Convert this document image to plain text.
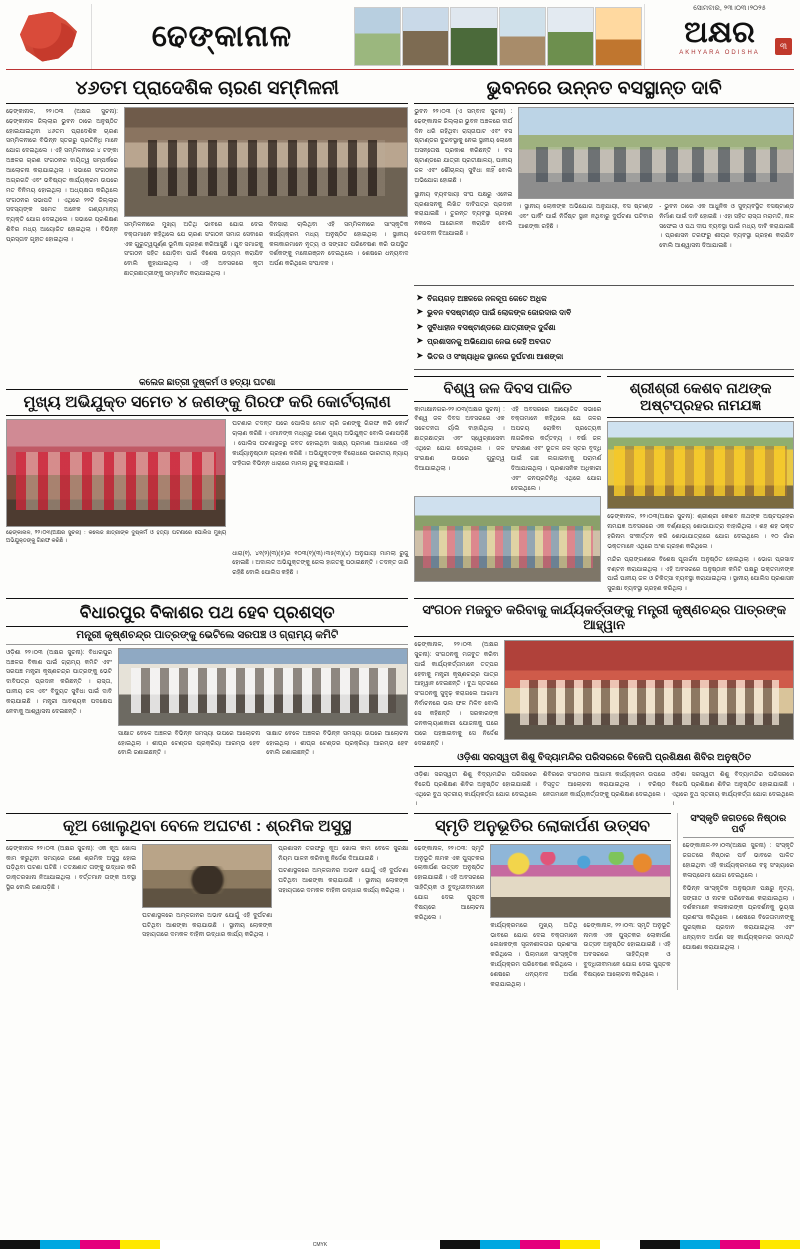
ଢେଙ୍କାନାଳ	ଅକ୍ଷର
AKHYARA ODISHA
ସୋମବାର, ୨୩।୦୩।୨୦୨୫
୩
୪୬ତମ ପ୍ରାଦେଶିକ ଚାରଣ ସମ୍ମିଳନୀ
ଢେଙ୍କାନାଳ, ୨୨।୦୩ (ଅକ୍ଷର ସୁଚନା): ଢେଙ୍କାନାଳ ଜିଲ୍ଲାର ଭୁବନ ଠାରେ ଅନୁଷ୍ଠିତ ହୋଇଯାଇଥିବା ୪୬ତମ ପ୍ରାଦେଶିକ ଚାରଣ ସମ୍ମିଳନୀରେ ବିଭିନ୍ନ ସ୍ତରରୁ ପ୍ରତିନିଧି ମାନେ ଯୋଗ ଦେଇଥିଲେ । ଏହି ସମ୍ମିଳନୀରେ ୪ ଟଙ୍କା ଅଞ୍ଚଳର ଚାରଣ ସଂଗଠନର ଦାୟିତ୍ୱ ସମ୍ପର୍କରେ ଆଲୋଚନା କରାଯାଇଥିଲା । ସଭାରେ ସଂଗଠନର ଅଗ୍ରଗତି ଏବଂ ଭବିଷ୍ୟତ କାର୍ଯ୍ୟକ୍ରମ ଉପରେ ମତ ବିନିମୟ ହୋଇଥିଲା । ଅଧ୍ୟକ୍ଷତା କରିଥିଲେ ସଂଗଠନର ସଭାପତି । ଏଥିରେ ୨୨ଟି ଜିଲ୍ଲାର ସଦସ୍ୟଙ୍କ ସମେତ ଅନେକ ଗଣ୍ୟମାନ୍ୟ ବ୍ୟକ୍ତି ଯୋଗ ଦେଇଥିଲେ । ସଭାରେ ପ୍ରଶିକ୍ଷଣ ଶିବିର ମଧ୍ୟ ଆୟୋଜିତ ହୋଇଥିଲା । ବିଭିନ୍ନ ପ୍ରସ୍ତାବ ଗୃହୀତ ହୋଇଥିଲା ।
ସମ୍ମିଳନୀରେ ମୁଖ୍ୟ ଅତିଥି ଭାବରେ ଯୋଗ ଦେଇ ବକ୍ତାମାନେ କହିଥିଲେ ଯେ ଚାରଣ ସଂଗଠନ ସମାଜ ସେବାରେ ଏକ ଗୁରୁତ୍ୱପୂର୍ଣ୍ଣ ଭୂମିକା ଗ୍ରହଣ କରିଆସୁଛି । ଯୁବ ସମାଜକୁ ସଂଗଠନ ସହିତ ଯୋଡ଼ିବା ପାଇଁ ବିଶେଷ ଉଦ୍ୟମ କରାଯିବ ବୋଲି କୁହାଯାଇଥିଲା । ଏହି ଅବସରରେ କୃତୀ ଛାତ୍ରଛାତ୍ରୀଙ୍କୁ ସମ୍ମାନିତ କରାଯାଇଥିଲା ।
ଦିନସାରା ଚାଲିଥିବା ଏହି ସମ୍ମିଳନୀରେ ସାଂସ୍କୃତିକ କାର୍ଯ୍ୟକ୍ରମ ମଧ୍ୟ ଅନୁଷ୍ଠିତ ହୋଇଥିଲା । ସ୍ଥାନୀୟ କଳାକାରମାନେ ନୃତ୍ୟ ଓ ସଙ୍ଗୀତ ପରିବେଷଣ କରି ଉପସ୍ଥିତ ଦର୍ଶକଙ୍କୁ ମନୋରଞ୍ଜନ ଦେଇଥିଲେ । ଶେଷରେ ଧନ୍ୟବାଦ ଅର୍ପଣ କରିଥିଲେ ସଂପାଦକ ।
ଭୁବନରେ ଉନ୍ନତ ବସସ୍ଥାନ୍ତ ଦାବି
ଭୁବନ ୨୨।୦୩ (ଏ ସମ୍ବାଦ ସୁଚନା) : ଢେଙ୍କାନାଳ ଜିଲ୍ଲାର ଭୁବନ ଅଞ୍ଚଳରେ ଦୀର୍ଘ ଦିନ ଧରି ରହିଥିବା ରାସ୍ତାଘାଟ ଏବଂ ବସ ଷ୍ଟାଣ୍ଡର ଦୁରବସ୍ଥାକୁ ନେଇ ସ୍ଥାନୀୟ ଲୋକେ ଅସନ୍ତୋଷ ପ୍ରକାଶ କରିଛନ୍ତି । ବସ ଷ୍ଟାଣ୍ଡରେ ଯାତ୍ରୀ ପ୍ରତୀକ୍ଷାଳୟ, ପାନୀୟ ଜଳ ଏବଂ ଶୌଚାଳୟ ସୁବିଧା ନାହିଁ ବୋଲି ଅଭିଯୋଗ ହୋଇଛି ।
ସ୍ଥାନୀୟ ବ୍ୟବସାୟୀ ସଂଘ ପକ୍ଷରୁ ଏନେଇ ପ୍ରଶାସନକୁ ଲିଖିତ ଦାବିପତ୍ର ପ୍ରଦାନ କରାଯାଇଛି । ତୁରନ୍ତ ବ୍ୟବସ୍ଥା ଗ୍ରହଣ ନକଲେ ଆନ୍ଦୋଳନ କରାଯିବ ବୋଲି ଚେତାବନୀ ଦିଆଯାଇଛି ।
। ସ୍ଥାନୀୟ ଲୋକଙ୍କ ଅଭିଯୋଗ ଅନୁଯାୟୀ, ବସ ଷ୍ଟାଣ୍ଡ ଏବଂ ପାର୍କିଂ ପାଇଁ ନିର୍ଦ୍ଦିଷ୍ଟ ସ୍ଥାନ ନଥିବାରୁ ଦୁର୍ଘଟଣା ଘଟିବାର ଆଶଙ୍କା ରହିଛି ।
- ଭୁବନ ଠାରେ ଏକ ଆଧୁନିକ ଓ ସୁବ୍ୟବସ୍ଥିତ ବସଷ୍ଟାଣ୍ଡ ନିର୍ମାଣ ପାଇଁ ଦାବି ହୋଇଛି । ଏହା ସହିତ ରାସ୍ତା ମରାମତି, ନାଳ ସଫେଇ ଓ ପଥ ଦୀପ ବ୍ୟବସ୍ଥା ପାଇଁ ମଧ୍ୟ ଦାବି କରାଯାଇଛି । ପ୍ରଶାସନ ତରଫରୁ ଶୀଘ୍ର ବ୍ୟବସ୍ଥା ଗ୍ରହଣ କରାଯିବ ବୋଲି ଆଶ୍ୱାସନା ଦିଆଯାଇଛି ।
➤ ବିଜୟଗଡ଼ ଅଞ୍ଚଳରେ ନଳକୂପ କେତେ ଅଧିକ
➤ ଭୁବନ ବସଷ୍ଟାଣ୍ଡ ପାଇଁ ଲୋକଙ୍କ ଜୋରଦାର ଦାବି
➤ ସୁବିଧାହୀନ ବସଷ୍ଟାଣ୍ଡରେ ଯାତ୍ରୀଙ୍କ ଦୁର୍ଦ୍ଦଶା
➤ ପ୍ରଶାସନକୁ ଅଭିଯୋଗ ନେଇ କେହି ଅବଗତ
➤ ଭିତର ଓ ସଂଖ୍ୟାଧିକ ସ୍ଥାନରେ ଦୁର୍ଘଟଣା ଆଶଙ୍କା
କଲେଜ ଛାତ୍ରୀ ଦୁଷ୍କର୍ମ ଓ ହତ୍ୟା ଘଟଣା
ମୁଖ୍ୟ ଅଭିଯୁକ୍ତ ସମେତ ୪ ଜଣଙ୍କୁ ଗିରଫ କରି କୋର୍ଟଚାଲାଣ
ଢେଙ୍କାନାଳ, ୨୨।୦୩(ଅକ୍ଷର ସୁଚନା) : କଲେଜ ଛାତ୍ରୀଙ୍କ ଦୁଷ୍କର୍ମ ଓ ହତ୍ୟା ଘଟଣାରେ ପୋଲିସ ମୁଖ୍ୟ ଅଭିଯୁକ୍ତଙ୍କୁ ଗିରଫ କରିଛି ।
ଘଟଣାର ତଦନ୍ତ ପରେ ପୋଲିସ ମୋଟ ଚାରି ଜଣଙ୍କୁ ଗିରଫ କରି କୋର୍ଟ ଚାଲାଣ କରିଛି । ଏମାନଙ୍କ ମଧ୍ୟରୁ ଜଣେ ମୁଖ୍ୟ ଅଭିଯୁକ୍ତ ବୋଲି ଜଣାପଡ଼ିଛି । ପୋଲିସ ଘଟଣାସ୍ଥଳରୁ ଜବତ ହୋଇଥିବା ସାକ୍ଷ୍ୟ ପ୍ରମାଣ ଆଧାରରେ ଏହି କାର୍ଯ୍ୟାନୁଷ୍ଠାନ ଗ୍ରହଣ କରିଛି । ଅଭିଯୁକ୍ତଙ୍କ ବିରୋଧରେ ଭାରତୀୟ ନ୍ୟାୟ ସଂହିତାର ବିଭିନ୍ନ ଧାରାରେ ମାମଲା ରୁଜୁ କରାଯାଇଛି ।
ଧାରା(୧), ୪୧(୨)(୩)(୫)ର ୧୦୩(୧)(୩)।୩୫(୩)(୪) ଅନୁଯାୟୀ ମାମଲା ରୁଜୁ ହୋଇଛି । ଅଦାଲତ ଅଭିଯୁକ୍ତଙ୍କୁ ଜେଲ ହାଜତକୁ ପଠାଇଛନ୍ତି । ତଦନ୍ତ ଜାରି ରହିଛି ବୋଲି ପୋଲିସ କହିଛି ।
ବିଶ୍ୱ ଜଳ ଦିବସ ପାଳିତ
କାମାକ୍ଷାନଗର-୨୨।୦୩(ଅକ୍ଷର ସୁଚନା) : ବିଶ୍ୱ ଜଳ ଦିବସ ଅବସରରେ ଏକ ସଚେତନତା ର୍ୟାଲି ବାହାରିଥିଲା । ଛାତ୍ରଛାତ୍ରୀ ଏବଂ ସ୍ୱେଚ୍ଛାସେବୀ ଏଥିରେ ଯୋଗ ଦେଇଥିଲେ । ଜଳ ସଂରକ୍ଷଣ ଉପରେ ଗୁରୁତ୍ୱ ଦିଆଯାଇଥିଲା ।
ଏହି ଅବସରରେ ଆୟୋଜିତ ସଭାରେ ବକ୍ତାମାନେ କହିଥିଲେ ଯେ ଜଳର ଅପଚୟ ରୋକିବା ପ୍ରତ୍ୟେକ ନାଗରିକର କର୍ତ୍ତବ୍ୟ । ବର୍ଷା ଜଳ ସଂରକ୍ଷଣ ଏବଂ ଭୂତଳ ଜଳ ସ୍ତର ବୃଦ୍ଧି ପାଇଁ ଗଛ ଲଗାଇବାକୁ ପରାମର୍ଶ ଦିଆଯାଇଥିଲା । ପ୍ରଶାସନିକ ଅଧିକାରୀ ଏବଂ ଜନପ୍ରତିନିଧି ଏଥିରେ ଯୋଗ ଦେଇଥିଲେ ।
ଶ୍ରୀଶ୍ରୀ କେଶବ ନାଥଙ୍କ ଅଷ୍ଟପ୍ରହର ନାମଯଜ୍ଞ
ଢେଙ୍କାନାଳ, ୨୨।୦୩(ଅକ୍ଷର ସୁଚନା): ଶ୍ରୀଶ୍ରୀ କେଶବ ନାଥଙ୍କ ଅଷ୍ଟପ୍ରହର ନାମଯଜ୍ଞ ଅବସରରେ ଏକ ବର୍ଣ୍ଣାଢ୍ୟ ଶୋଭାଯାତ୍ରା ବାହାରିଥିଲା । ଶହ ଶହ ଭକ୍ତ ହରିନାମ ସଂକୀର୍ତ୍ତନ କରି ଶୋଭାଯାତ୍ରାରେ ଯୋଗ ଦେଇଥିଲେ । ୧୦ ଗାଁର ଭକ୍ତମାନେ ଏଥିରେ ଅଂଶ ଗ୍ରହଣ କରିଥିଲେ ।
ମନ୍ଦିର ପ୍ରାଙ୍ଗଣରେ ବିଶେଷ ପୂଜାର୍ଚ୍ଚନା ଅନୁଷ୍ଠିତ ହୋଇଥିଲା । ଭୋଗ ପ୍ରସାଦ ବଣ୍ଟନ କରାଯାଇଥିଲା । ଏହି ଅବସରରେ ଅନୁଷ୍ଠାନ କମିଟି ପକ୍ଷରୁ ଭକ୍ତମାନଙ୍କ ପାଇଁ ପାନୀୟ ଜଳ ଓ ଚିକିତ୍ସା ବ୍ୟବସ୍ଥା କରାଯାଇଥିଲା । ସ୍ଥାନୀୟ ପୋଲିସ ପ୍ରଶାସନ ସୁରକ୍ଷା ବ୍ୟବସ୍ଥା ଗ୍ରହଣ କରିଥିଲା ।
ବିଧାରପୁର ବିକାଶର ପଥ ହେବ ପ୍ରଶସ୍ତ
ମନ୍ତ୍ରୀ କୃଷ୍ଣଚନ୍ଦ୍ର ପାତ୍ରଙ୍କୁ ଭେଟିଲେ ସରପଞ୍ଚ ଓ ଗ୍ରାମ୍ୟ କମିଟି
ଓଡ଼ିଶା ୨୨।୦୩ (ଅକ୍ଷର ସୁଚନା): ବିଧାରପୁର ଅଞ୍ଚଳର ବିକାଶ ପାଇଁ ଗ୍ରାମ୍ୟ କମିଟି ଏବଂ ସରପଞ୍ଚ ମନ୍ତ୍ରୀ କୃଷ୍ଣଚନ୍ଦ୍ର ପାତ୍ରଙ୍କୁ ଭେଟି ଦାବିପତ୍ର ପ୍ରଦାନ କରିଛନ୍ତି । ରାସ୍ତା, ପାନୀୟ ଜଳ ଏବଂ ବିଦ୍ୟୁତ ସୁବିଧା ପାଇଁ ଦାବି କରାଯାଇଛି । ମନ୍ତ୍ରୀ ଆବଶ୍ୟକ ପଦକ୍ଷେପ ନେବାକୁ ଆଶ୍ୱାସନା ଦେଇଛନ୍ତି ।
ସାକ୍ଷାତ ବେଳେ ଅଞ୍ଚଳର ବିଭିନ୍ନ ସମସ୍ୟା ଉପରେ ଆଲୋଚନା ହୋଇଥିଲା । ଶୀଘ୍ର ଟେଣ୍ଡର ପ୍ରକ୍ରିୟା ଆରମ୍ଭ ହେବ ବୋଲି ଜଣାଇଛନ୍ତି ।
ସାକ୍ଷାତ ବେଳେ ଅଞ୍ଚଳର ବିଭିନ୍ନ ସମସ୍ୟା ଉପରେ ଆଲୋଚନା ହୋଇଥିଲା । ଶୀଘ୍ର ଟେଣ୍ଡର ପ୍ରକ୍ରିୟା ଆରମ୍ଭ ହେବ ବୋଲି ଜଣାଇଛନ୍ତି ।
ସଂଗଠନ ମଜବୁତ କରିବାକୁ କାର୍ଯ୍ୟକର୍ତ୍ତାଙ୍କୁ ମନ୍ତ୍ରୀ କୃଷ୍ଣଚନ୍ଦ୍ର ପାତ୍ରଙ୍କ ଆହ୍ୱାନ
ଢେଙ୍କାନାଳ, ୨୨।୦୩ (ଅକ୍ଷର ସୁଚନା): ସଂଗଠନକୁ ମଜବୁତ କରିବା ପାଇଁ କାର୍ଯ୍ୟକର୍ତ୍ତାମାନେ ତତ୍ପର ହେବାକୁ ମନ୍ତ୍ରୀ କୃଷ୍ଣଚନ୍ଦ୍ର ପାତ୍ର ଆହ୍ୱାନ ଦେଇଛନ୍ତି । ବୁଥ ସ୍ତରରେ ସଂଗଠନକୁ ସୁଦୃଢ଼ କରାଗଲେ ଆଗାମୀ ନିର୍ବାଚନରେ ଭଲ ଫଳ ମିଳିବ ବୋଲି ସେ କହିଛନ୍ତି । ସରକାରଙ୍କ ଜନକଲ୍ୟାଣକାରୀ ଯୋଜନାକୁ ଘରେ ଘରେ ପହଞ୍ଚାଇବାକୁ ସେ ନିର୍ଦ୍ଦେଶ ଦେଇଛନ୍ତି ।
ଓଡ଼ିଶା ସରସ୍ୱତୀ ଶିଶୁ ବିଦ୍ୟାମନ୍ଦିର ପରିସରରେ ବିଜେପି ପ୍ରଶିକ୍ଷଣ ଶିବିର ଅନୁଷ୍ଠିତ
ଓଡ଼ିଶା ସରସ୍ୱତୀ ଶିଶୁ ବିଦ୍ୟାମନ୍ଦିର ପରିସରରେ ବିଜେପି ପ୍ରଶିକ୍ଷଣ ଶିବିର ଅନୁଷ୍ଠିତ ହୋଇଯାଇଛି । ଏଥିରେ ବୁଥ ସ୍ତରୀୟ କାର୍ଯ୍ୟକର୍ତ୍ତା ଯୋଗ ଦେଇଥିଲେ ।
ଶିବିରରେ ସଂଗଠନର ଆଗାମୀ କାର୍ଯ୍ୟକ୍ରମ ଉପରେ ବିସ୍ତୃତ ଆଲୋଚନା କରାଯାଇଥିଲା । ବରିଷ୍ଠ ନେତାମାନେ କାର୍ଯ୍ୟକର୍ତ୍ତାଙ୍କୁ ପ୍ରଶିକ୍ଷଣ ଦେଇଥିଲେ ।
ଓଡ଼ିଶା ସରସ୍ୱତୀ ଶିଶୁ ବିଦ୍ୟାମନ୍ଦିର ପରିସରରେ ବିଜେପି ପ୍ରଶିକ୍ଷଣ ଶିବିର ଅନୁଷ୍ଠିତ ହୋଇଯାଇଛି । ଏଥିରେ ବୁଥ ସ୍ତରୀୟ କାର୍ଯ୍ୟକର୍ତ୍ତା ଯୋଗ ଦେଇଥିଲେ ।
କୂଅ ଖୋଲୁଥିବା ବେଳେ ଅଘଟଣ : ଶ୍ରମିକ ଅସୁସ୍ଥ
ଢେଙ୍କାନାଳ ୨୨।୦୩ (ଅକ୍ଷର ସୁଚନା): ଏକ କୂଅ ଖୋଳା କାମ କରୁଥିବା ସମୟରେ ଜଣେ ଶ୍ରମିକ ଅସୁସ୍ଥ ହୋଇ ପଡ଼ିଥିବା ଘଟଣା ଘଟିଛି । ତତକ୍ଷଣାତ ତାଙ୍କୁ ଉଦ୍ଧାର କରି ଡାକ୍ତରଖାନା ନିଆଯାଇଥିଲା । ବର୍ତ୍ତମାନ ତାଙ୍କ ଅବସ୍ଥା ସ୍ଥିର ବୋଲି ଜଣାପଡ଼ିଛି ।
ଘଟଣାସ୍ଥଳରେ ଅମ୍ଳଜାନର ଅଭାବ ଯୋଗୁଁ ଏହି ଦୁର୍ଘଟଣା ଘଟିଥିବା ଆଶଙ୍କା କରାଯାଉଛି । ସ୍ଥାନୀୟ ଲୋକଙ୍କ ସହାୟତାରେ ଦମକଳ ବାହିନୀ ଉଦ୍ଧାର କାର୍ଯ୍ୟ କରିଥିଲା ।
ପ୍ରଶାସନ ତରଫରୁ କୂଅ ଖୋଳା କାମ ବେଳେ ସୁରକ୍ଷା ନିୟମ ପାଳନ କରିବାକୁ ନିର୍ଦ୍ଦେଶ ଦିଆଯାଇଛି ।
ଘଟଣାସ୍ଥଳରେ ଅମ୍ଳଜାନର ଅଭାବ ଯୋଗୁଁ ଏହି ଦୁର୍ଘଟଣା ଘଟିଥିବା ଆଶଙ୍କା କରାଯାଉଛି । ସ୍ଥାନୀୟ ଲୋକଙ୍କ ସହାୟତାରେ ଦମକଳ ବାହିନୀ ଉଦ୍ଧାର କାର୍ଯ୍ୟ କରିଥିଲା ।
ସ୍ମୃତି ଅନୁଭୂତିର ଲୋକାର୍ପଣ ଉତ୍ସବ
ଢେଙ୍କାନାଳ, ୨୨।୦୩: ସ୍ମୃତି ଅନୁଭୂତି ନାମକ ଏକ ପୁସ୍ତକର ଲୋକାର୍ପଣ ଉତ୍ସବ ଅନୁଷ୍ଠିତ ହୋଇଯାଇଛି । ଏହି ଅବସରରେ ସାହିତ୍ୟିକ ଓ ବୁଦ୍ଧିଜୀବୀମାନେ ଯୋଗ ଦେଇ ପୁସ୍ତକ ବିଷୟରେ ଆଲୋଚନା କରିଥିଲେ ।
କାର୍ଯ୍ୟକ୍ରମରେ ମୁଖ୍ୟ ଅତିଥି ଭାବରେ ଯୋଗ ଦେଇ ବକ୍ତାମାନେ ଲେଖକଙ୍କ ସୃଜନଶୀଳତାର ପ୍ରଶଂସା କରିଥିଲେ । ପିଲାମାନେ ସାଂସ୍କୃତିକ କାର୍ଯ୍ୟକ୍ରମ ପରିବେଷଣ କରିଥିଲେ । ଶେଷରେ ଧନ୍ୟବାଦ ଅର୍ପଣ କରାଯାଇଥିଲା ।
ଢେଙ୍କାନାଳ, ୨୨।୦୩: ସ୍ମୃତି ଅନୁଭୂତି ନାମକ ଏକ ପୁସ୍ତକର ଲୋକାର୍ପଣ ଉତ୍ସବ ଅନୁଷ୍ଠିତ ହୋଇଯାଇଛି । ଏହି ଅବସରରେ ସାହିତ୍ୟିକ ଓ ବୁଦ୍ଧିଜୀବୀମାନେ ଯୋଗ ଦେଇ ପୁସ୍ତକ ବିଷୟରେ ଆଲୋଚନା କରିଥିଲେ ।
ସଂସ୍କୃତି ଜଗତରେ ନିଷ୍ଠାର ପର୍ବ
ଢେଙ୍କାନାଳ-୨୨।୦୩(ଅକ୍ଷର ସୁଚନା) : ସଂସ୍କୃତି ଜଗତରେ ନିଷ୍ଠାର ପର୍ବ ଭାବରେ ପାଳିତ ହୋଇଥିବା ଏହି କାର୍ଯ୍ୟକ୍ରମରେ ବହୁ ସଂଖ୍ୟାରେ କଳାପ୍ରେମୀ ଯୋଗ ଦେଇଥିଲେ ।
ବିଭିନ୍ନ ସାଂସ୍କୃତିକ ଅନୁଷ୍ଠାନ ପକ୍ଷରୁ ନୃତ୍ୟ, ସଙ୍ଗୀତ ଓ ନାଟକ ପରିବେଷଣ କରାଯାଇଥିଲା । ଦର୍ଶକମାନେ କଳାକାରଙ୍କ ପ୍ରଦର୍ଶନକୁ ଭୂୟସୀ ପ୍ରଶଂସା କରିଥିଲେ । ଶେଷରେ ବିଜେତାମାନଙ୍କୁ ପୁରସ୍କାର ପ୍ରଦାନ କରାଯାଇଥିଲା ଏବଂ ଧନ୍ୟବାଦ ଅର୍ପଣ ସହ କାର୍ଯ୍ୟକ୍ରମର ସମାପ୍ତି ଘୋଷଣା କରାଯାଇଥିଲା ।
CMYK
